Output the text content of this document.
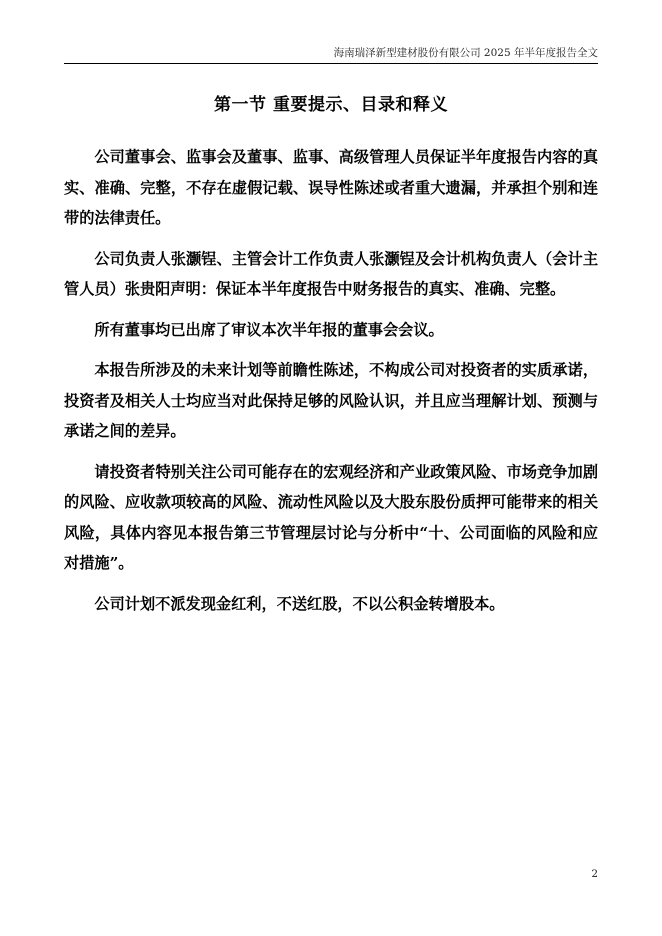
海南瑞泽新型建材股份有限公司 2025 年半年度报告全文
第一节 重要提示、目录和释义

公司董事会、监事会及董事、监事、高级管理人员保证半年度报告内容的真实、准确、完整，不存在虚假记载、误导性陈述或者重大遗漏，并承担个别和连带的法律责任。

公司负责人张灏锃、主管会计工作负责人张灏锃及会计机构负责人（会计主管人员）张贵阳声明：保证本半年度报告中财务报告的真实、准确、完整。

所有董事均已出席了审议本次半年报的董事会会议。

本报告所涉及的未来计划等前瞻性陈述，不构成公司对投资者的实质承诺，投资者及相关人士均应当对此保持足够的风险认识，并且应当理解计划、预测与承诺之间的差异。

请投资者特别关注公司可能存在的宏观经济和产业政策风险、市场竞争加剧的风险、应收款项较高的风险、流动性风险以及大股东股份质押可能带来的相关风险，具体内容见本报告第三节管理层讨论与分析中“十、公司面临的风险和应对措施”。

公司计划不派发现金红利，不送红股，不以公积金转增股本。

2
